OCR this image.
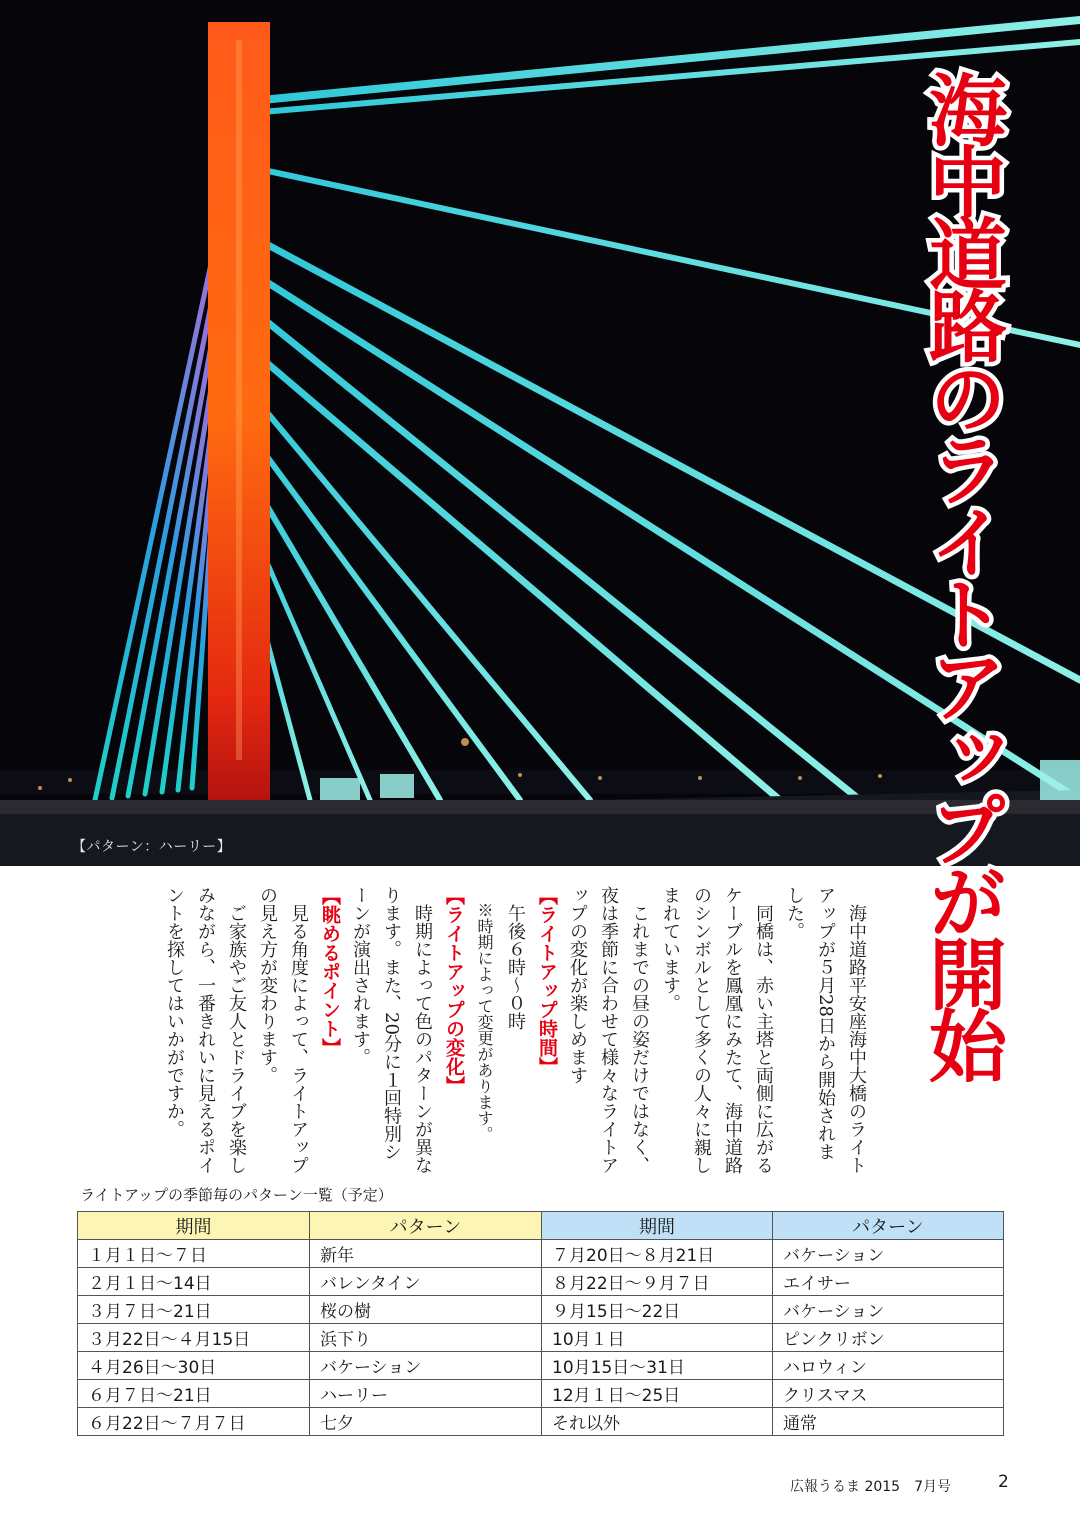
【パターン：ハーリー】	海中道路のライトアップが開始

海中道路平安座海中大橋のライトアップが５月28日から開始されました。

同橋は、赤い主塔と両側に広がるケーブルを鳳凰にみたて、海中道路のシンボルとして多くの人々に親しまれています。

これまでの昼の姿だけではなく、夜は季節に合わせて様々なライトアップの変化が楽しめます

【ライトアップ時間】

午後６時〜０時

※時期によって変更があります。

【ライトアップの変化】

時期によって色のパターンが異なります。また、20分に１回特別シーンが演出されます。

【眺めるポイント】

見る角度によって、ライトアップの見え方が変わります。

ご家族やご友人とドライブを楽しみながら、一番きれいに見えるポイントを探してはいかがですか。

ライトアップの季節毎のパターン一覧（予定）
期間	パターン	期間	パターン
１月１日〜７日	新年	７月20日〜８月21日	バケーション
２月１日〜14日	バレンタイン	８月22日〜９月７日	エイサー
３月７日〜21日	桜の樹	９月15日〜22日	バケーション
３月22日〜４月15日	浜下り	10月１日	ピンクリボン
４月26日〜30日	バケーション	10月15日〜31日	ハロウィン
６月７日〜21日	ハーリー	12月１日〜25日	クリスマス
６月22日〜７月７日	七夕	それ以外	通常
広報うるま 2015　7月号	2
